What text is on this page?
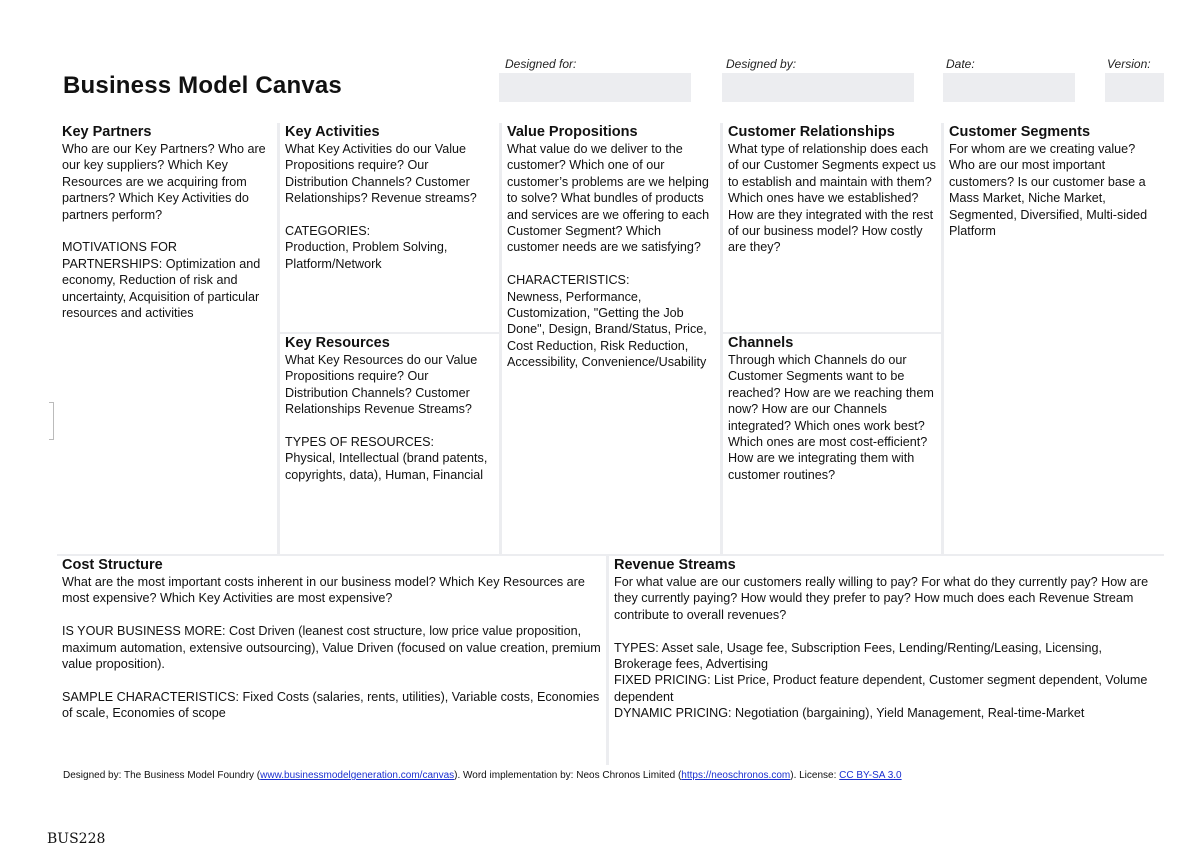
Business Model Canvas
Designed for:	Designed by:	Date:	Version:
Key Partners
Who are our Key Partners? Who are our key suppliers? Which Key Resources are we acquiring from partners? Which Key Activities do partners perform?

MOTIVATIONS FOR PARTNERSHIPS: Optimization and economy, Reduction of risk and uncertainty, Acquisition of particular resources and activities
Key Activities
What Key Activities do our Value Propositions require? Our Distribution Channels? Customer Relationships? Revenue streams?

CATEGORIES:
Production, Problem Solving, Platform/Network
Key Resources
What Key Resources do our Value Propositions require? Our Distribution Channels? Customer Relationships Revenue Streams?

TYPES OF RESOURCES:
Physical, Intellectual (brand patents, copyrights, data), Human, Financial
Value Propositions
What value do we deliver to the customer? Which one of our customer’s problems are we helping to solve? What bundles of products and services are we offering to each Customer Segment? Which customer needs are we satisfying?

CHARACTERISTICS:
Newness, Performance, Customization, "Getting the Job Done", Design, Brand/Status, Price, Cost Reduction, Risk Reduction, Accessibility, Convenience/Usability
Customer Relationships
What type of relationship does each of our Customer Segments expect us to establish and maintain with them? Which ones have we established? How are they integrated with the rest of our business model? How costly are they?
Channels
Through which Channels do our Customer Segments want to be reached? How are we reaching them now? How are our Channels integrated? Which ones work best? Which ones are most cost-efficient? How are we integrating them with customer routines?
Customer Segments
For whom are we creating value? Who are our most important customers? Is our customer base a Mass Market, Niche Market, Segmented, Diversified, Multi-sided Platform
Cost Structure
What are the most important costs inherent in our business model? Which Key Resources are most expensive? Which Key Activities are most expensive?

IS YOUR BUSINESS MORE: Cost Driven (leanest cost structure, low price value proposition, maximum automation, extensive outsourcing), Value Driven (focused on value creation, premium value proposition).

SAMPLE CHARACTERISTICS: Fixed Costs (salaries, rents, utilities), Variable costs, Economies of scale, Economies of scope
Revenue Streams
For what value are our customers really willing to pay? For what do they currently pay? How are they currently paying? How would they prefer to pay? How much does each Revenue Stream contribute to overall revenues?

TYPES: Asset sale, Usage fee, Subscription Fees, Lending/Renting/Leasing, Licensing, Brokerage fees, Advertising
FIXED PRICING: List Price, Product feature dependent, Customer segment dependent, Volume dependent
DYNAMIC PRICING: Negotiation (bargaining), Yield Management, Real-time-Market
Designed by: The Business Model Foundry (www.businessmodelgeneration.com/canvas). Word implementation by: Neos Chronos Limited (https://neoschronos.com). License: CC BY-SA 3.0
BUS228
